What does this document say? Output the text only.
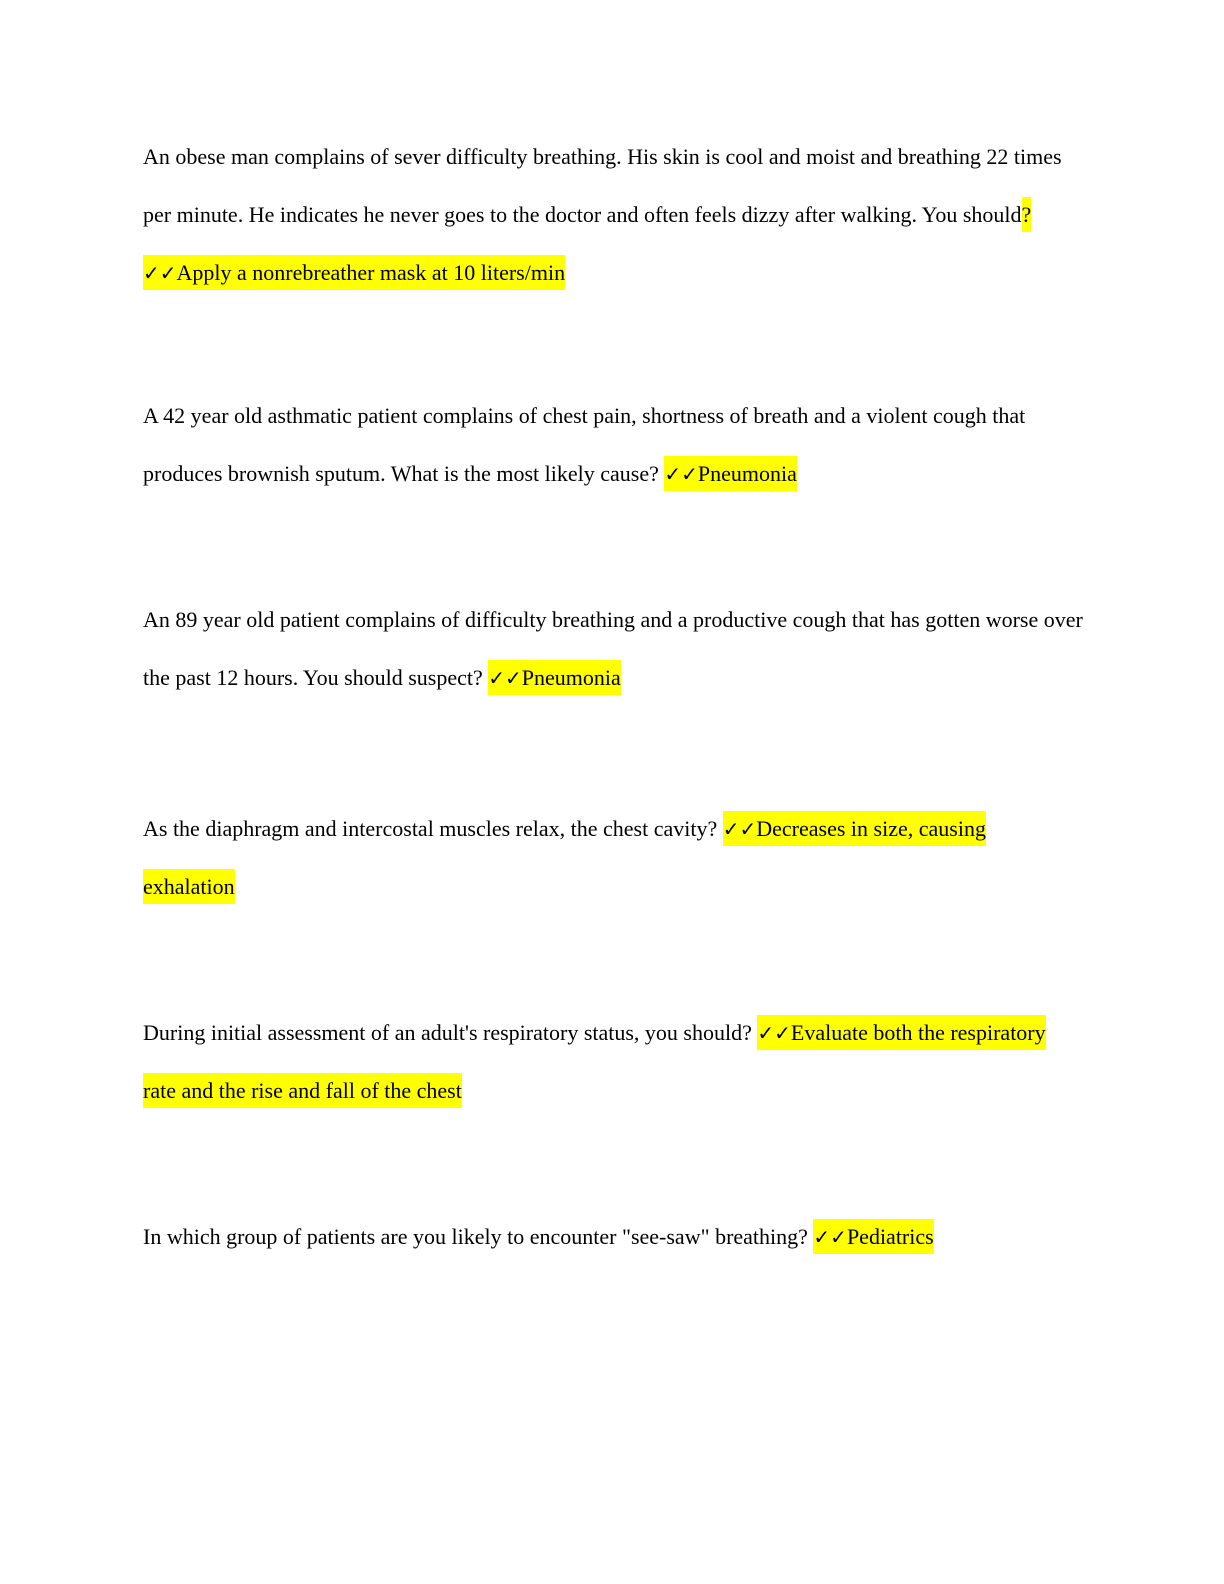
An obese man complains of sever difficulty breathing. His skin is cool and moist and breathing 22 times per minute. He indicates he never goes to the doctor and often feels dizzy after walking. You should? ✓✓Apply a nonrebreather mask at 10 liters/min

A 42 year old asthmatic patient complains of chest pain, shortness of breath and a violent cough that produces brownish sputum. What is the most likely cause? ✓✓Pneumonia

An 89 year old patient complains of difficulty breathing and a productive cough that has gotten worse over the past 12 hours. You should suspect? ✓✓Pneumonia

As the diaphragm and intercostal muscles relax, the chest cavity? ✓✓Decreases in size, causing exhalation

During initial assessment of an adult's respiratory status, you should? ✓✓Evaluate both the respiratory rate and the rise and fall of the chest

In which group of patients are you likely to encounter "see-saw" breathing? ✓✓Pediatrics
